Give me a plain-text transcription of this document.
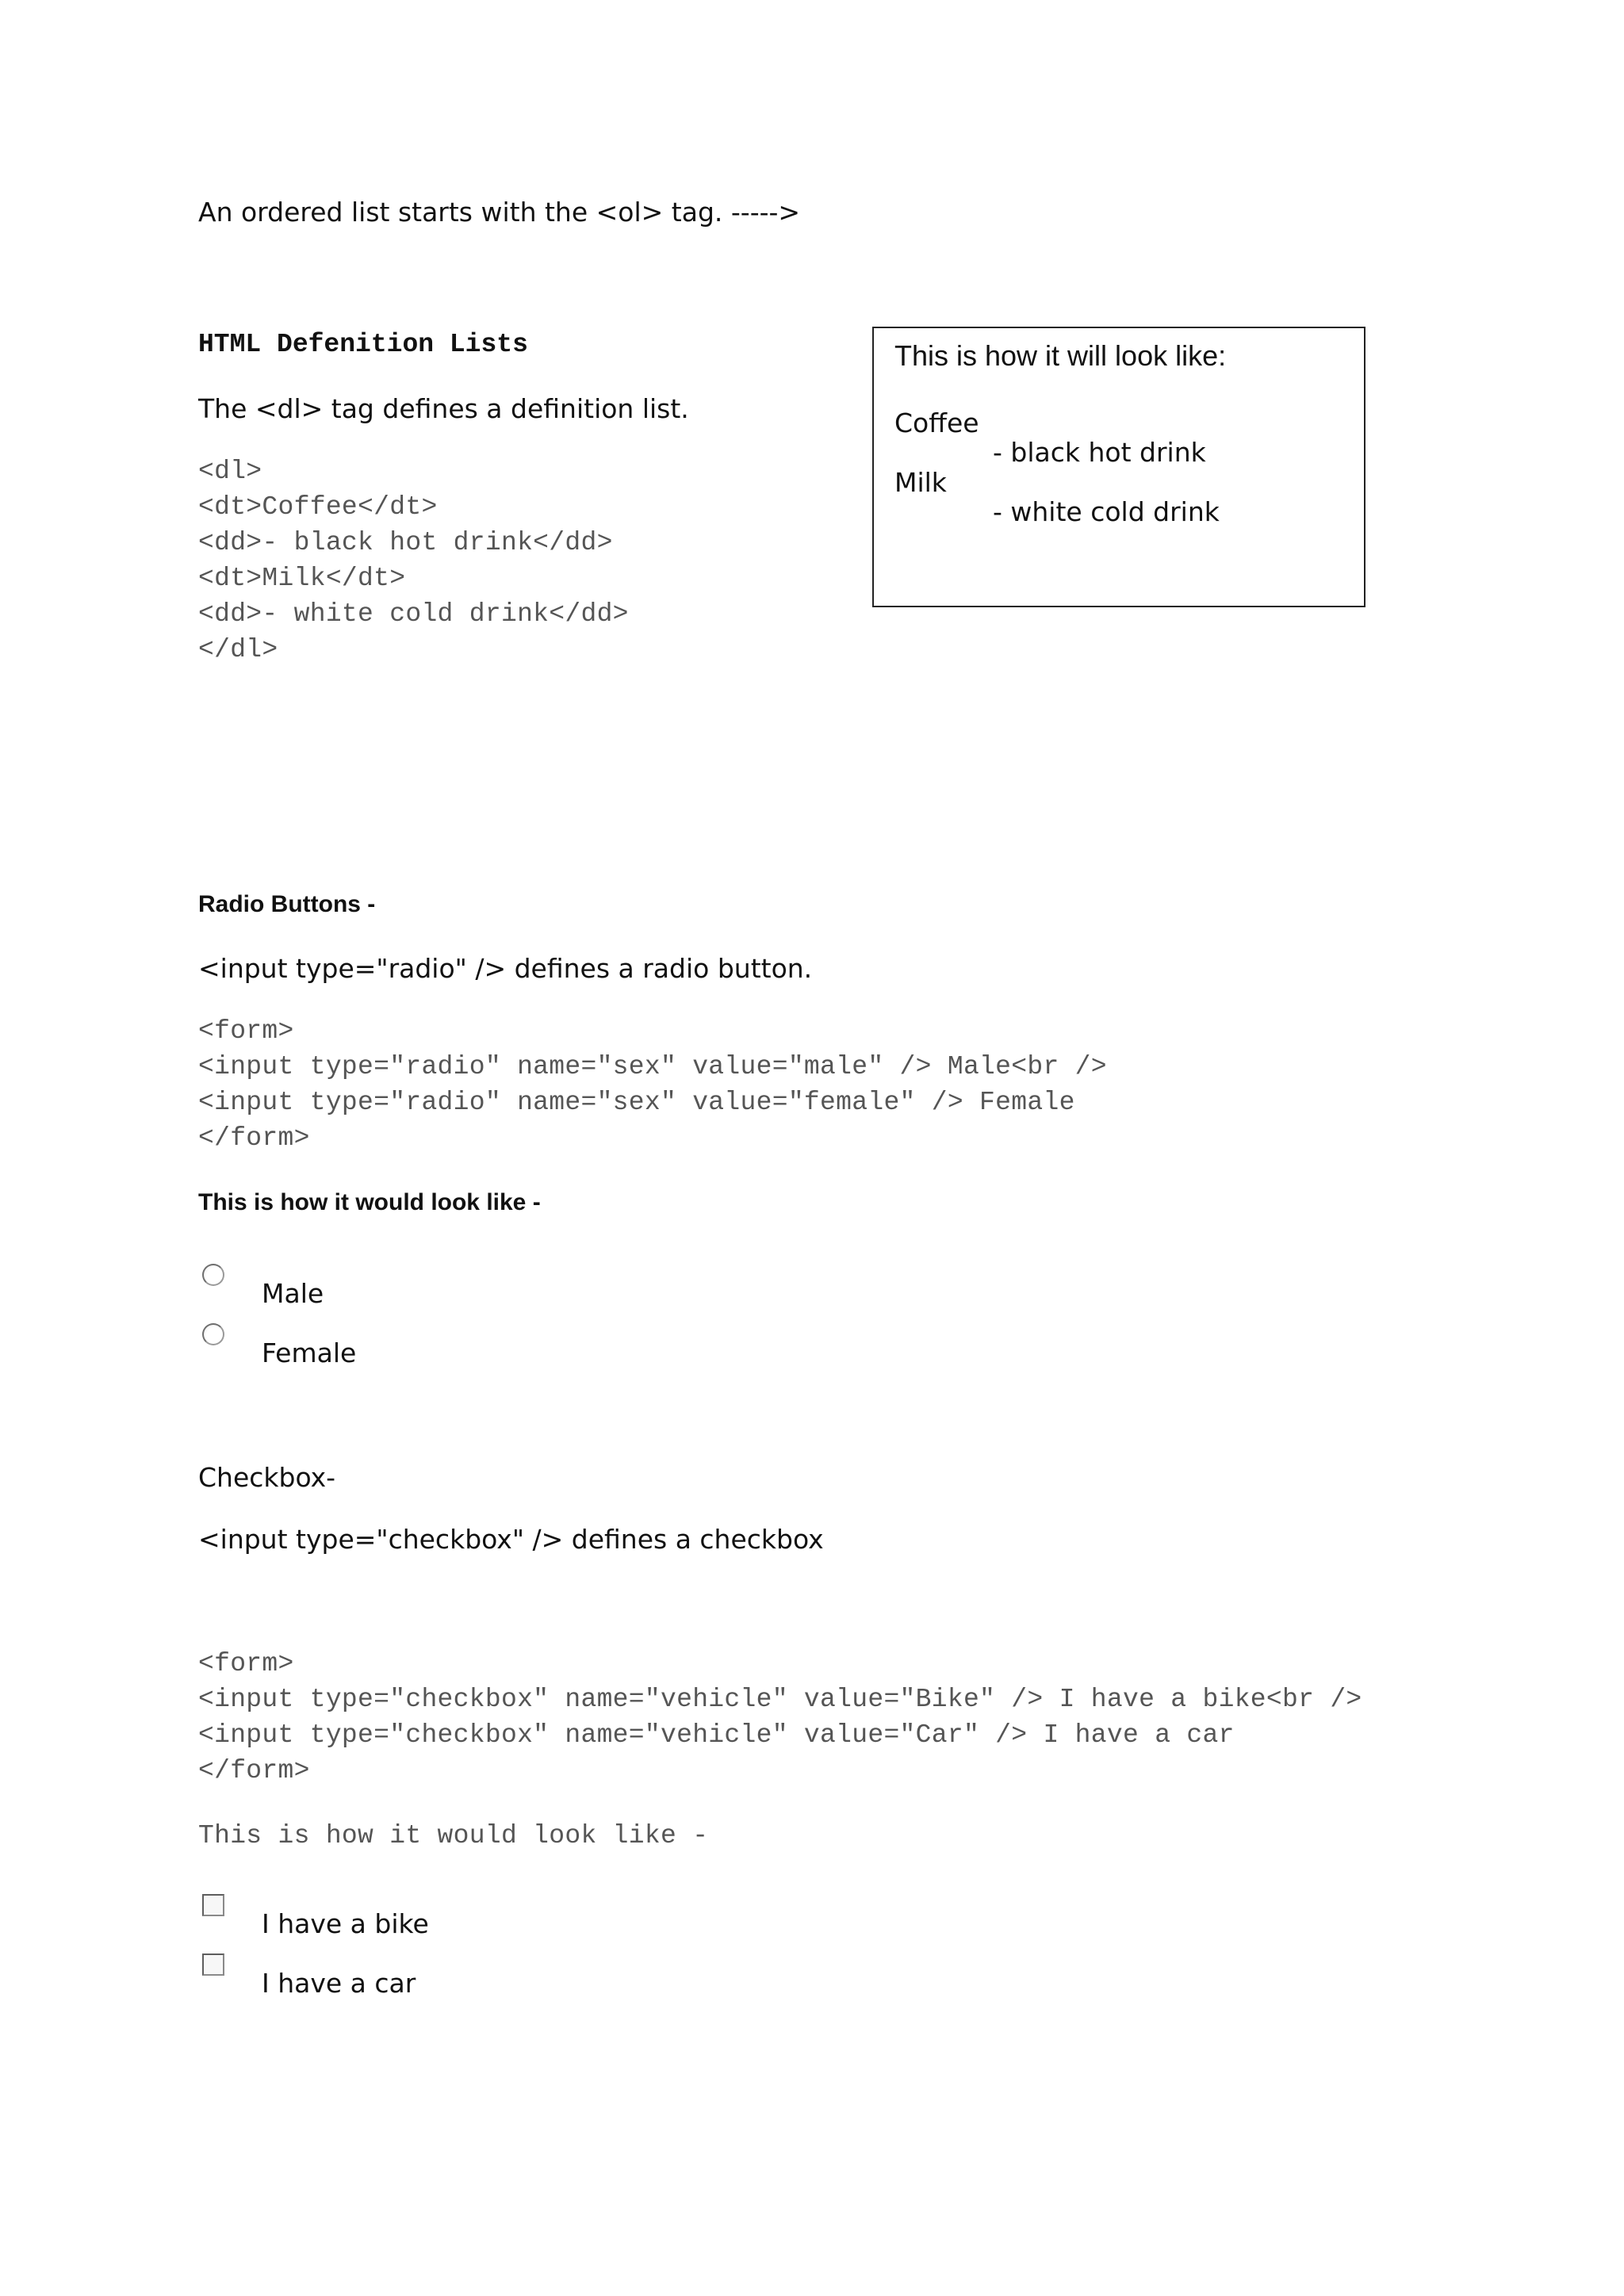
An ordered list starts with the <ol> tag. ----->
HTML Defenition Lists
The <dl> tag defines a definition list.
<dl>
<dt>Coffee</dt>
<dd>- black hot drink</dd>
<dt>Milk</dt>
<dd>- white cold drink</dd>
</dl>
This is how it will look like:
Coffee
- black hot drink
Milk
- white cold drink
Radio Buttons -
<input type="radio" /> defines a radio button.
<form>
<input type="radio" name="sex" value="male" /> Male<br />
<input type="radio" name="sex" value="female" /> Female
</form>
This is how it would look like -
Male
Female
Checkbox-
<input type="checkbox" /> defines a checkbox
<form>
<input type="checkbox" name="vehicle" value="Bike" /> I have a bike<br />
<input type="checkbox" name="vehicle" value="Car" /> I have a car
</form>
This is how it would look like -
I have a bike
I have a car
